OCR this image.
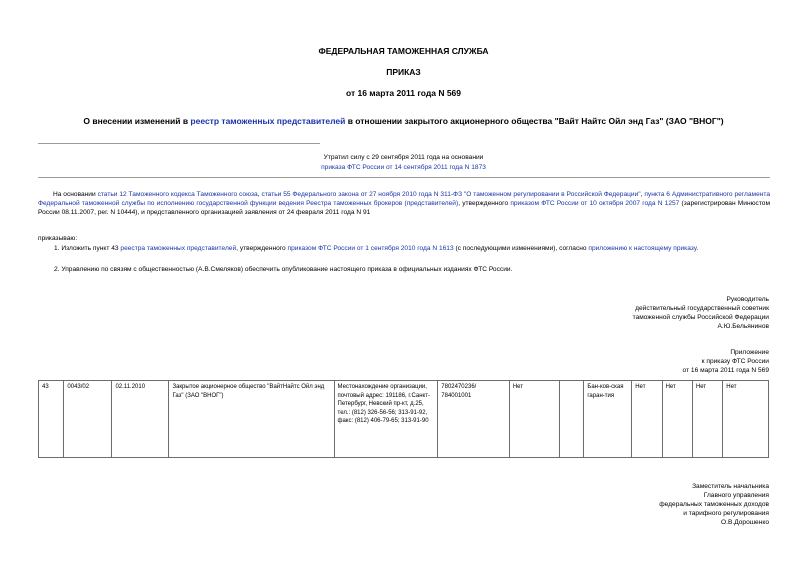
ФЕДЕРАЛЬНАЯ ТАМОЖЕННАЯ СЛУЖБА
ПРИКАЗ
от 16 марта 2011 года N 569
О внесении изменений в реестр таможенных представителей в отношении закрытого акционерного общества "Вайт Найтс Ойл энд Газ" (ЗАО "ВНОГ")
Утратил силу с 29 сентября 2011 года на основании
приказа ФТС России от 14 сентября 2011 года N 1873
На основании статьи 12 Таможенного кодекса Таможенного союза, статьи 55 Федерального закона от 27 ноября 2010 года N 311-ФЗ "О таможенном регулировании в Российской Федерации", пункта 6 Административного регламента Федеральной таможенной службы по исполнению государственной функции ведения Реестра таможенных брокеров (представителей), утвержденного приказом ФТС России от 10 октября 2007 года N 1257 (зарегистрирован Минюстом России 08.11.2007, рег. N 10444), и представленного организацией заявления от 24 февраля 2011 года N 91
приказываю:
1. Изложить пункт 43 реестра таможенных представителей, утвержденного приказом ФТС России от 1 сентября 2010 года N 1613 (с последующими изменениями), согласно приложению к настоящему приказу.
2. Управлению по связям с общественностью (А.В.Смеляков) обеспечить опубликование настоящего приказа в официальных изданиях ФТС России.
Руководитель
действительный государственный советник
таможенной службы Российской Федерации
А.Ю.Бельянинов
Приложение
к приказу ФТС России
от 16 марта 2011 года N 569
43	0043/02	02.11.2010	Закрытое акционерное общество "ВайтНайтс Ойл энд Газ" (ЗАО "ВНОГ")	Местонахождение организации, почтовый адрес: 191186, г.Санкт-Петербург, Невский пр-кт, д.25, тел.: (812) 326-56-56; 313-91-92, факс: (812) 406-79-65; 313-91-90	7802470236/ 784001001	Нет		Бан-ков-ская гаран-тия	Нет	Нет	Нет	Нет
Заместитель начальника
Главного управления
федеральных таможенных доходов
и тарифного регулирования
О.В.Дорошенко
